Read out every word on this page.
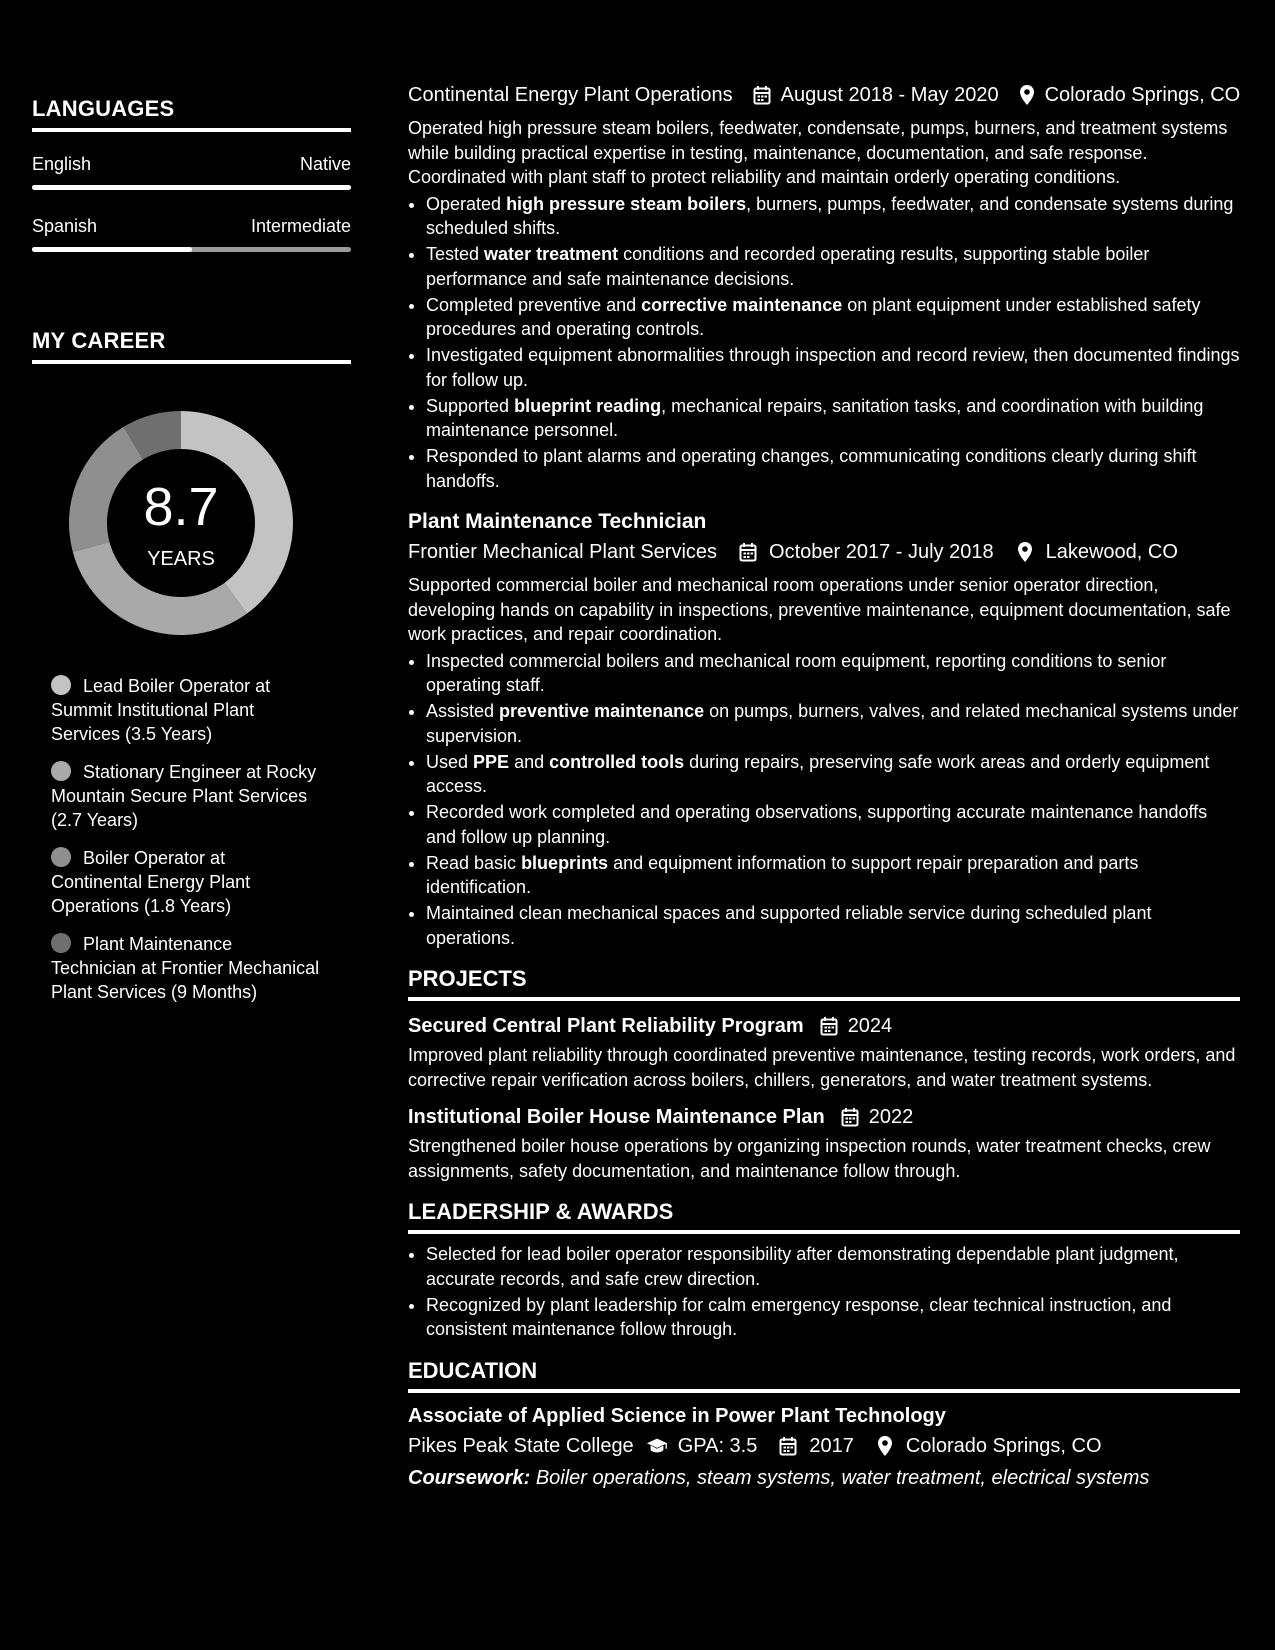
LANGUAGES
English	Native
Spanish	Intermediate
MY CAREER
8.7
YEARS
Lead Boiler Operator at Summit Institutional Plant Services (3.5 Years)
Stationary Engineer at Rocky Mountain Secure Plant Services (2.7 Years)
Boiler Operator at Continental Energy Plant Operations (1.8 Years)
Plant Maintenance Technician at Frontier Mechanical Plant Services (9 Months)
Continental Energy Plant Operations August 2018 - May 2020 Colorado Springs, CO
Operated high pressure steam boilers, feedwater, condensate, pumps, burners, and treatment systems while building practical expertise in testing, maintenance, documentation, and safe response. Coordinated with plant staff to protect reliability and maintain orderly operating conditions.
• Operated high pressure steam boilers, burners, pumps, feedwater, and condensate systems during scheduled shifts.
• Tested water treatment conditions and recorded operating results, supporting stable boiler performance and safe maintenance decisions.
• Completed preventive and corrective maintenance on plant equipment under established safety procedures and operating controls.
• Investigated equipment abnormalities through inspection and record review, then documented findings for follow up.
• Supported blueprint reading, mechanical repairs, sanitation tasks, and coordination with building maintenance personnel.
• Responded to plant alarms and operating changes, communicating conditions clearly during shift handoffs.
Plant Maintenance Technician
Frontier Mechanical Plant Services	October 2017 - July 2018	Lakewood, CO
Supported commercial boiler and mechanical room operations under senior operator direction, developing hands on capability in inspections, preventive maintenance, equipment documentation, safe work practices, and repair coordination.
• Inspected commercial boilers and mechanical room equipment, reporting conditions to senior operating staff.
• Assisted preventive maintenance on pumps, burners, valves, and related mechanical systems under supervision.
• Used PPE and controlled tools during repairs, preserving safe work areas and orderly equipment access.
• Recorded work completed and operating observations, supporting accurate maintenance handoffs and follow up planning.
• Read basic blueprints and equipment information to support repair preparation and parts identification.
• Maintained clean mechanical spaces and supported reliable service during scheduled plant operations.
PROJECTS
Secured Central Plant Reliability Program 2024
Improved plant reliability through coordinated preventive maintenance, testing records, work orders, and corrective repair verification across boilers, chillers, generators, and water treatment systems.
Institutional Boiler House Maintenance Plan 2022
Strengthened boiler house operations by organizing inspection rounds, water treatment checks, crew assignments, safety documentation, and maintenance follow through.
LEADERSHIP & AWARDS
• Selected for lead boiler operator responsibility after demonstrating dependable plant judgment, accurate records, and safe crew direction.
• Recognized by plant leadership for calm emergency response, clear technical instruction, and consistent maintenance follow through.
EDUCATION
Associate of Applied Science in Power Plant Technology
Pikes Peak State College GPA: 3.5	2017	Colorado Springs, CO
Coursework: Boiler operations, steam systems, water treatment, electrical systems
